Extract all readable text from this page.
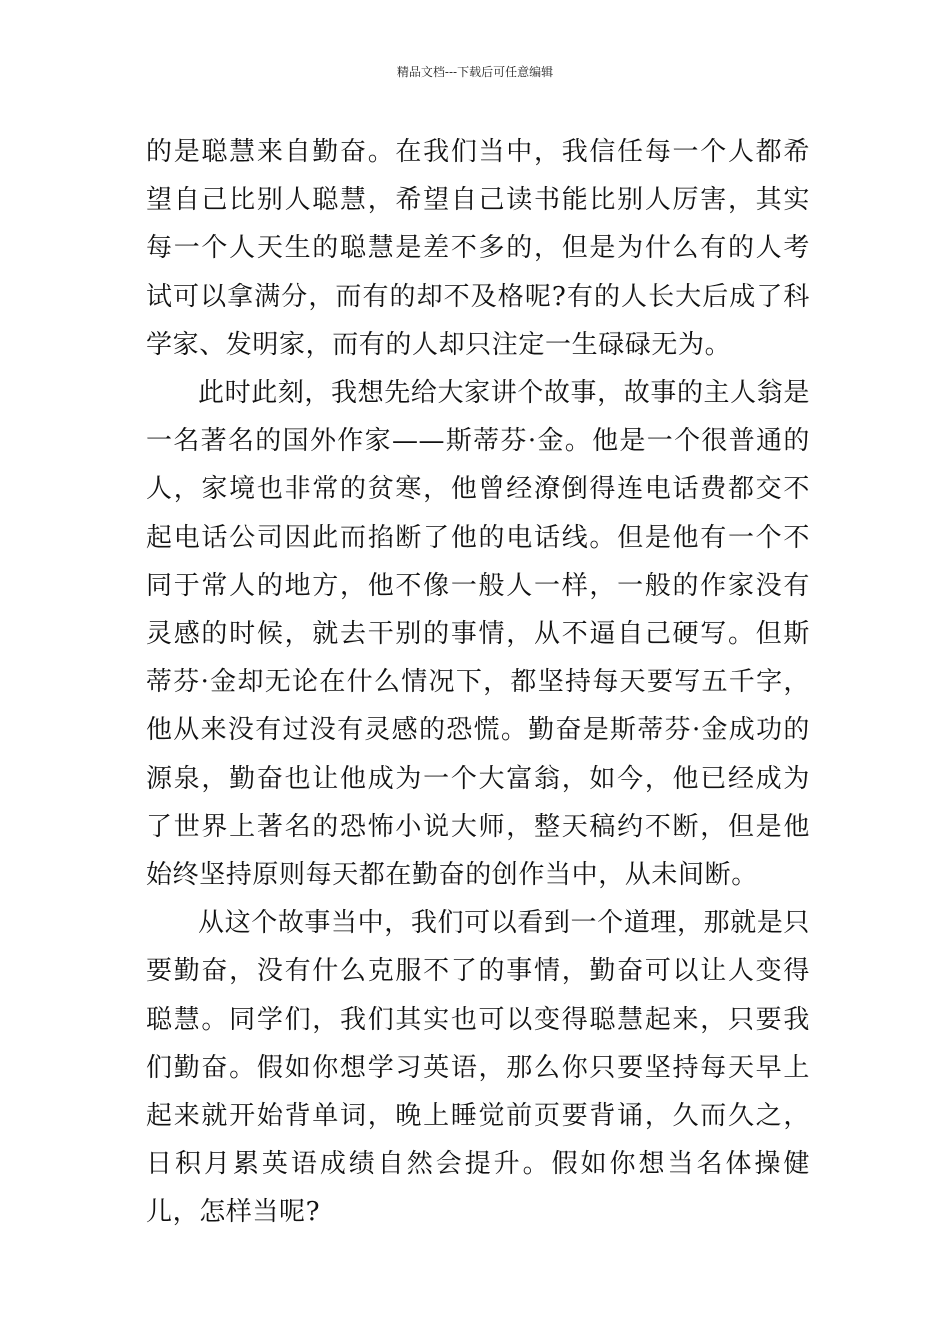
精品文档---下载后可任意编辑

的是聪慧来自勤奋。在我们当中，我信任每一个人都希望自己比别人聪慧，希望自己读书能比别人厉害，其实每一个人天生的聪慧是差不多的，但是为什么有的人考试可以拿满分，而有的却不及格呢?有的人长大后成了科学家、发明家，而有的人却只注定一生碌碌无为。

此时此刻，我想先给大家讲个故事，故事的主人翁是一名著名的国外作家——斯蒂芬·金。他是一个很普通的人，家境也非常的贫寒，他曾经潦倒得连电话费都交不起电话公司因此而掐断了他的电话线。但是他有一个不同于常人的地方，他不像一般人一样，一般的作家没有灵感的时候，就去干别的事情，从不逼自己硬写。但斯蒂芬·金却无论在什么情况下，都坚持每天要写五千字，他从来没有过没有灵感的恐慌。勤奋是斯蒂芬·金成功的源泉，勤奋也让他成为一个大富翁，如今，他已经成为了世界上著名的恐怖小说大师，整天稿约不断，但是他始终坚持原则每天都在勤奋的创作当中，从未间断。

从这个故事当中，我们可以看到一个道理，那就是只要勤奋，没有什么克服不了的事情，勤奋可以让人变得聪慧。同学们，我们其实也可以变得聪慧起来，只要我们勤奋。假如你想学习英语，那么你只要坚持每天早上起来就开始背单词，晚上睡觉前页要背诵，久而久之，日积月累英语成绩自然会提升。假如你想当名体操健儿，怎样当呢?
